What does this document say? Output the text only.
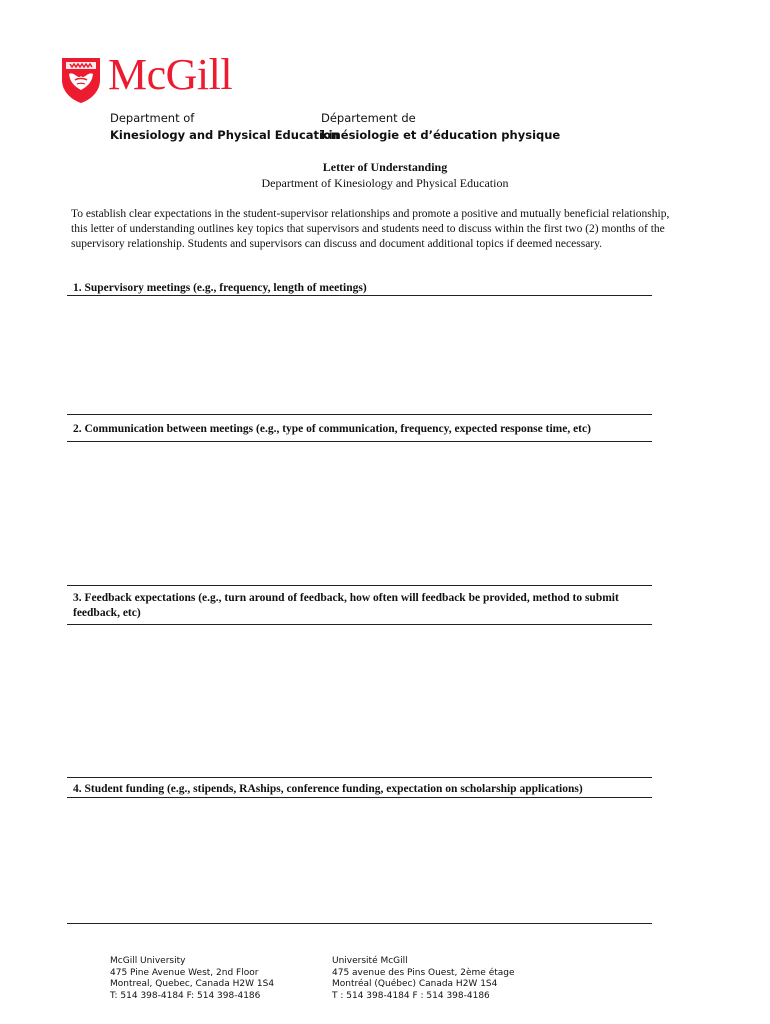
McGill
Department of
Kinesiology and Physical Education
Département de
kinésiologie et d’éducation physique
Letter of Understanding
Department of Kinesiology and Physical Education
To establish clear expectations in the student-supervisor relationships and promote a positive and mutually beneficial relationship, this letter of understanding outlines key topics that supervisors and students need to discuss within the first two (2) months of the supervisory relationship. Students and supervisors can discuss and document additional topics if deemed necessary.
1. Supervisory meetings (e.g., frequency, length of meetings)
2. Communication between meetings (e.g., type of communication, frequency, expected response time, etc)
3. Feedback expectations (e.g., turn around of feedback, how often will feedback be provided, method to submit feedback, etc)
4. Student funding (e.g., stipends, RAships, conference funding, expectation on scholarship applications)
McGill University
475 Pine Avenue West, 2nd Floor
Montreal, Quebec, Canada H2W 1S4
T: 514 398-4184 F: 514 398-4186
Université McGill
475 avenue des Pins Ouest, 2ème étage
Montréal (Québec) Canada H2W 1S4
T : 514 398-4184 F : 514 398-4186
